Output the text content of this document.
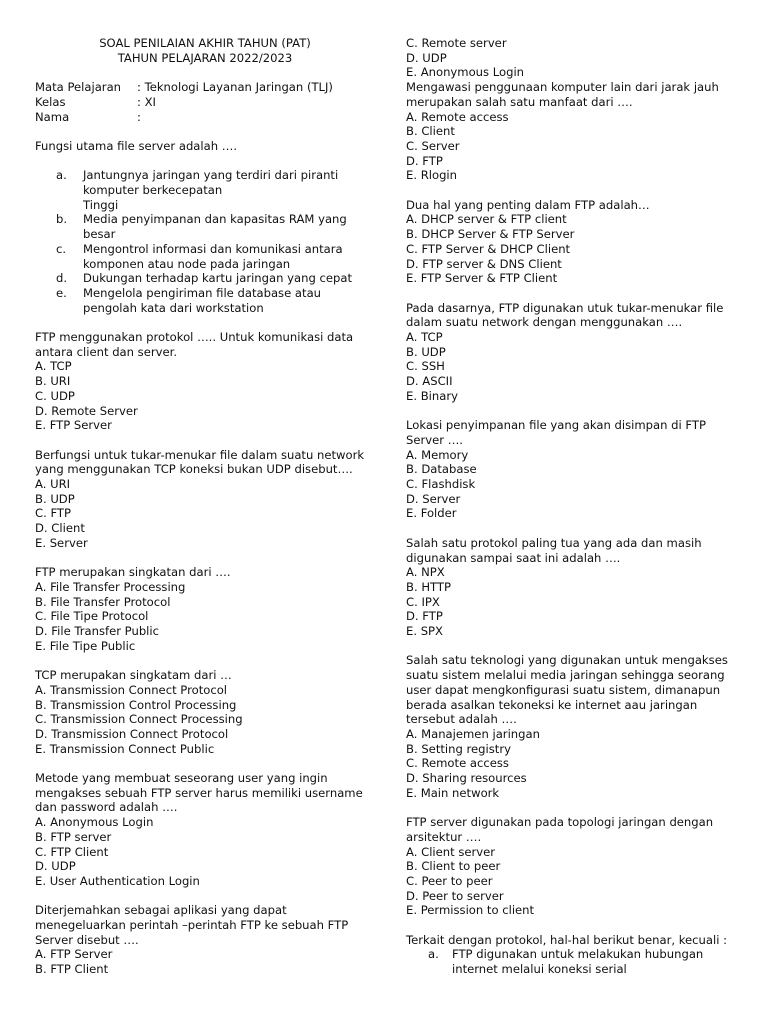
SOAL PENILAIAN AKHIR TAHUN (PAT)
TAHUN PELAJARAN 2022/2023
Mata Pelajaran	: Teknologi Layanan Jaringan (TLJ)
Kelas	: XI
Nama	:
Fungsi utama file server adalah ….
a.	Jantungnya jaringan yang terdiri dari piranti komputer berkecepatan
Tinggi
b.	Media penyimpanan dan kapasitas RAM yang besar
c.	Mengontrol informasi dan komunikasi antara komponen atau node pada jaringan
d.	Dukungan terhadap kartu jaringan yang cepat
e.	Mengelola pengiriman file database atau pengolah kata dari workstation
FTP menggunakan protokol ….. Untuk komunikasi data antara client dan server.
A. TCP
B. URI
C. UDP
D. Remote Server
E. FTP Server
Berfungsi untuk tukar-menukar file dalam suatu network yang menggunakan TCP koneksi bukan UDP disebut….
A. URI
B. UDP
C. FTP
D. Client
E. Server
FTP merupakan singkatan dari ….
A. File Transfer Processing
B. File Transfer Protocol
C. File Tipe Protocol
D. File Transfer Public
E. File Tipe Public
TCP merupakan singkatam dari …
A. Transmission Connect Protocol
B. Transmission Control Processing
C. Transmission Connect Processing
D. Transmission Connect Protocol
E. Transmission Connect Public
Metode yang membuat seseorang user yang ingin mengakses sebuah FTP server harus memiliki username dan password adalah ….
A. Anonymous Login
B. FTP server
C. FTP Client
D. UDP
E. User Authentication Login
Diterjemahkan sebagai aplikasi yang dapat menegeluarkan perintah –perintah FTP ke sebuah FTP Server disebut ….
A. FTP Server
B. FTP Client
C. Remote server
D. UDP
E. Anonymous Login
Mengawasi penggunaan komputer lain dari jarak jauh merupakan salah satu manfaat dari ….
A. Remote access
B. Client
C. Server
D. FTP
E. Rlogin
Dua hal yang penting dalam FTP adalah…
A. DHCP server & FTP client
B. DHCP Server & FTP Server
C. FTP Server & DHCP Client
D. FTP server & DNS Client
E. FTP Server & FTP Client
Pada dasarnya, FTP digunakan utuk tukar-menukar file dalam suatu network dengan menggunakan ….
A. TCP
B. UDP
C. SSH
D. ASCII
E. Binary
Lokasi penyimpanan file yang akan disimpan di FTP Server ….
A. Memory
B. Database
C. Flashdisk
D. Server
E. Folder
Salah satu protokol paling tua yang ada dan masih digunakan sampai saat ini adalah ….
A. NPX
B. HTTP
C. IPX
D. FTP
E. SPX
Salah satu teknologi yang digunakan untuk mengakses suatu sistem melalui media jaringan sehingga seorang user dapat mengkonfigurasi suatu sistem, dimanapun berada asalkan tekoneksi ke internet aau jaringan tersebut adalah ….
A. Manajemen jaringan
B. Setting registry
C. Remote access
D. Sharing resources
E. Main network
FTP server digunakan pada topologi jaringan dengan arsitektur ….
A. Client server
B. Client to peer
C. Peer to peer
D. Peer to server
E. Permission to client
Terkait dengan protokol, hal-hal berikut benar, kecuali :
a.	FTP digunakan untuk melakukan hubungan internet melalui koneksi serial
